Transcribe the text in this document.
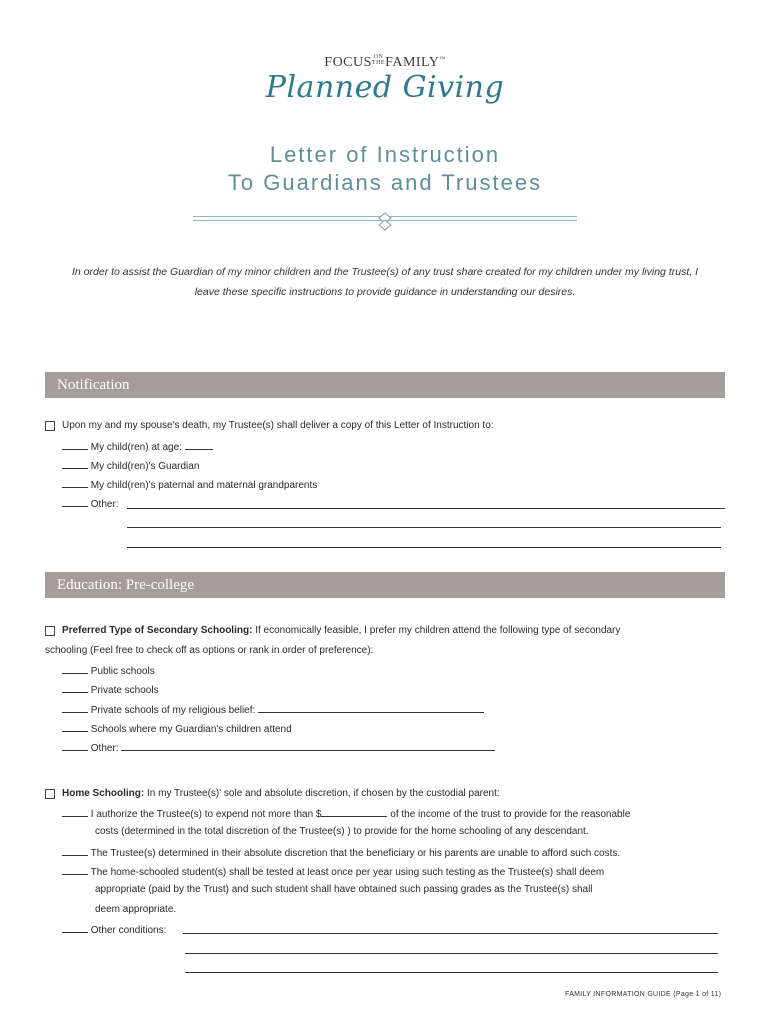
FOCUS ON
THEFAMILY™
Planned Giving
Letter of Instruction
To Guardians and Trustees
In order to assist the Guardian of my minor children and the Trustee(s) of any trust share created for my children under my living trust, I leave these specific instructions to provide guidance in understanding our desires.
Notification
Upon my and my spouse's death, my Trustee(s) shall deliver a copy of this Letter of Instruction to:
My child(ren) at age:
My child(ren)'s Guardian
My child(ren)'s paternal and maternal grandparents
Other:
Education: Pre-college
Preferred Type of Secondary Schooling: If economically feasible, I prefer my children attend the following type of secondary
schooling (Feel free to check off as options or rank in order of preference):
Public schools
Private schools
Private schools of my religious belief:
Schools where my Guardian's children attend
Other:
Home Schooling: In my Trustee(s)' sole and absolute discretion, if chosen by the custodial parent:
I authorize the Trustee(s) to expend not more than $	of the income of the trust to provide for the reasonable
costs (determined in the total discretion of the Trustee(s) ) to provide for the home schooling of any descendant.
The Trustee(s) determined in their absolute discretion that the beneficiary or his parents are unable to afford such costs.
The home-schooled student(s) shall be tested at least once per year using such testing as the Trustee(s) shall deem
appropriate (paid by the Trust) and such student shall have obtained such passing grades as the Trustee(s) shall
deem appropriate.
Other conditions:
FAMILY INFORMATION GUIDE (Page 1 of 11)
